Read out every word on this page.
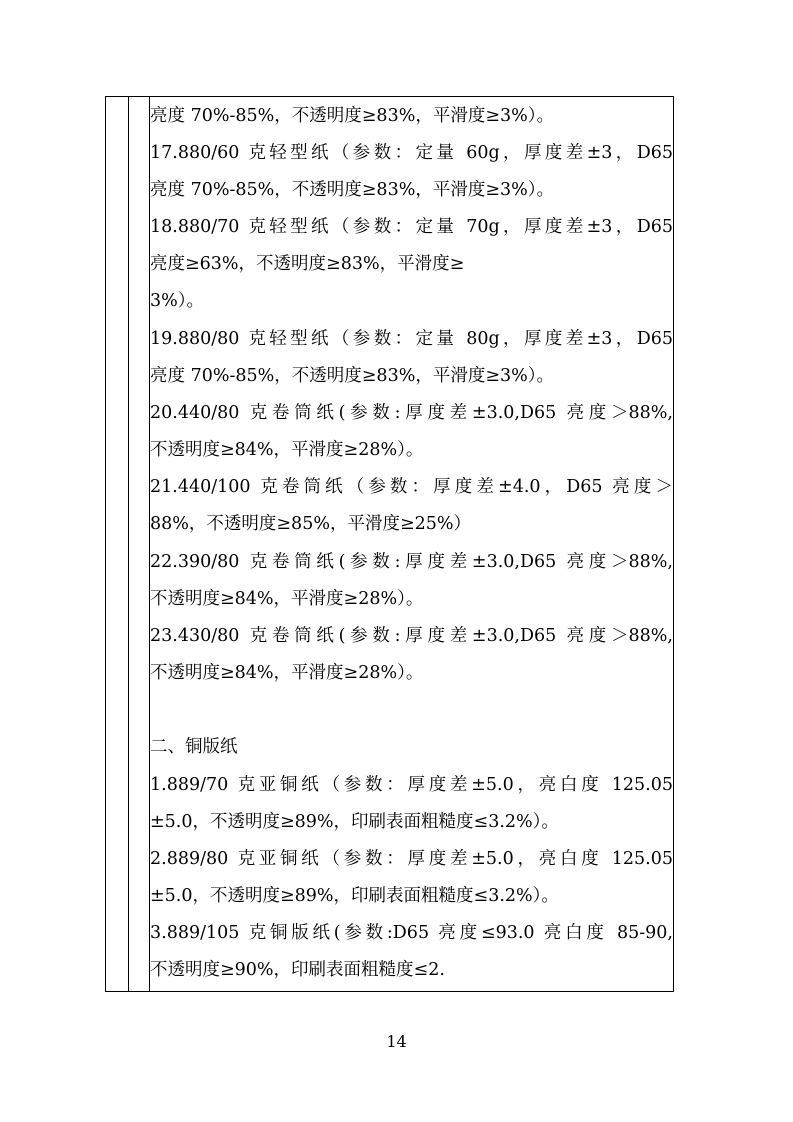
亮度 70%-85%，不透明度≥83%，平滑度≥3%）。
17.880/60 克轻型纸（参数：定量 60g，厚度差±3，D65
亮度 70%-85%，不透明度≥83%，平滑度≥3%）。
18.880/70 克轻型纸（参数：定量 70g，厚度差±3，D65
亮度≥63%，不透明度≥83%，平滑度≥
3%）。
19.880/80 克轻型纸（参数：定量 80g，厚度差±3，D65
亮度 70%-85%，不透明度≥83%，平滑度≥3%）。
20.440/80 克卷筒纸(参数:厚度差±3.0,D65 亮度＞88%,
不透明度≥84%，平滑度≥28%）。
21.440/100 克卷筒纸（参数：厚度差±4.0，D65 亮度＞
88%，不透明度≥85%，平滑度≥25%）
22.390/80 克卷筒纸(参数:厚度差±3.0,D65 亮度＞88%,
不透明度≥84%，平滑度≥28%）。
23.430/80 克卷筒纸(参数:厚度差±3.0,D65 亮度＞88%,
不透明度≥84%，平滑度≥28%）。
二、铜版纸
1.889/70 克亚铜纸（参数：厚度差±5.0，亮白度 125.05
±5.0，不透明度≥89%，印刷表面粗糙度≤3.2%）。
2.889/80 克亚铜纸（参数：厚度差±5.0，亮白度 125.05
±5.0，不透明度≥89%，印刷表面粗糙度≤3.2%）。
3.889/105 克铜版纸(参数:D65 亮度≤93.0 亮白度 85-90,
不透明度≥90%，印刷表面粗糙度≤2.
14
